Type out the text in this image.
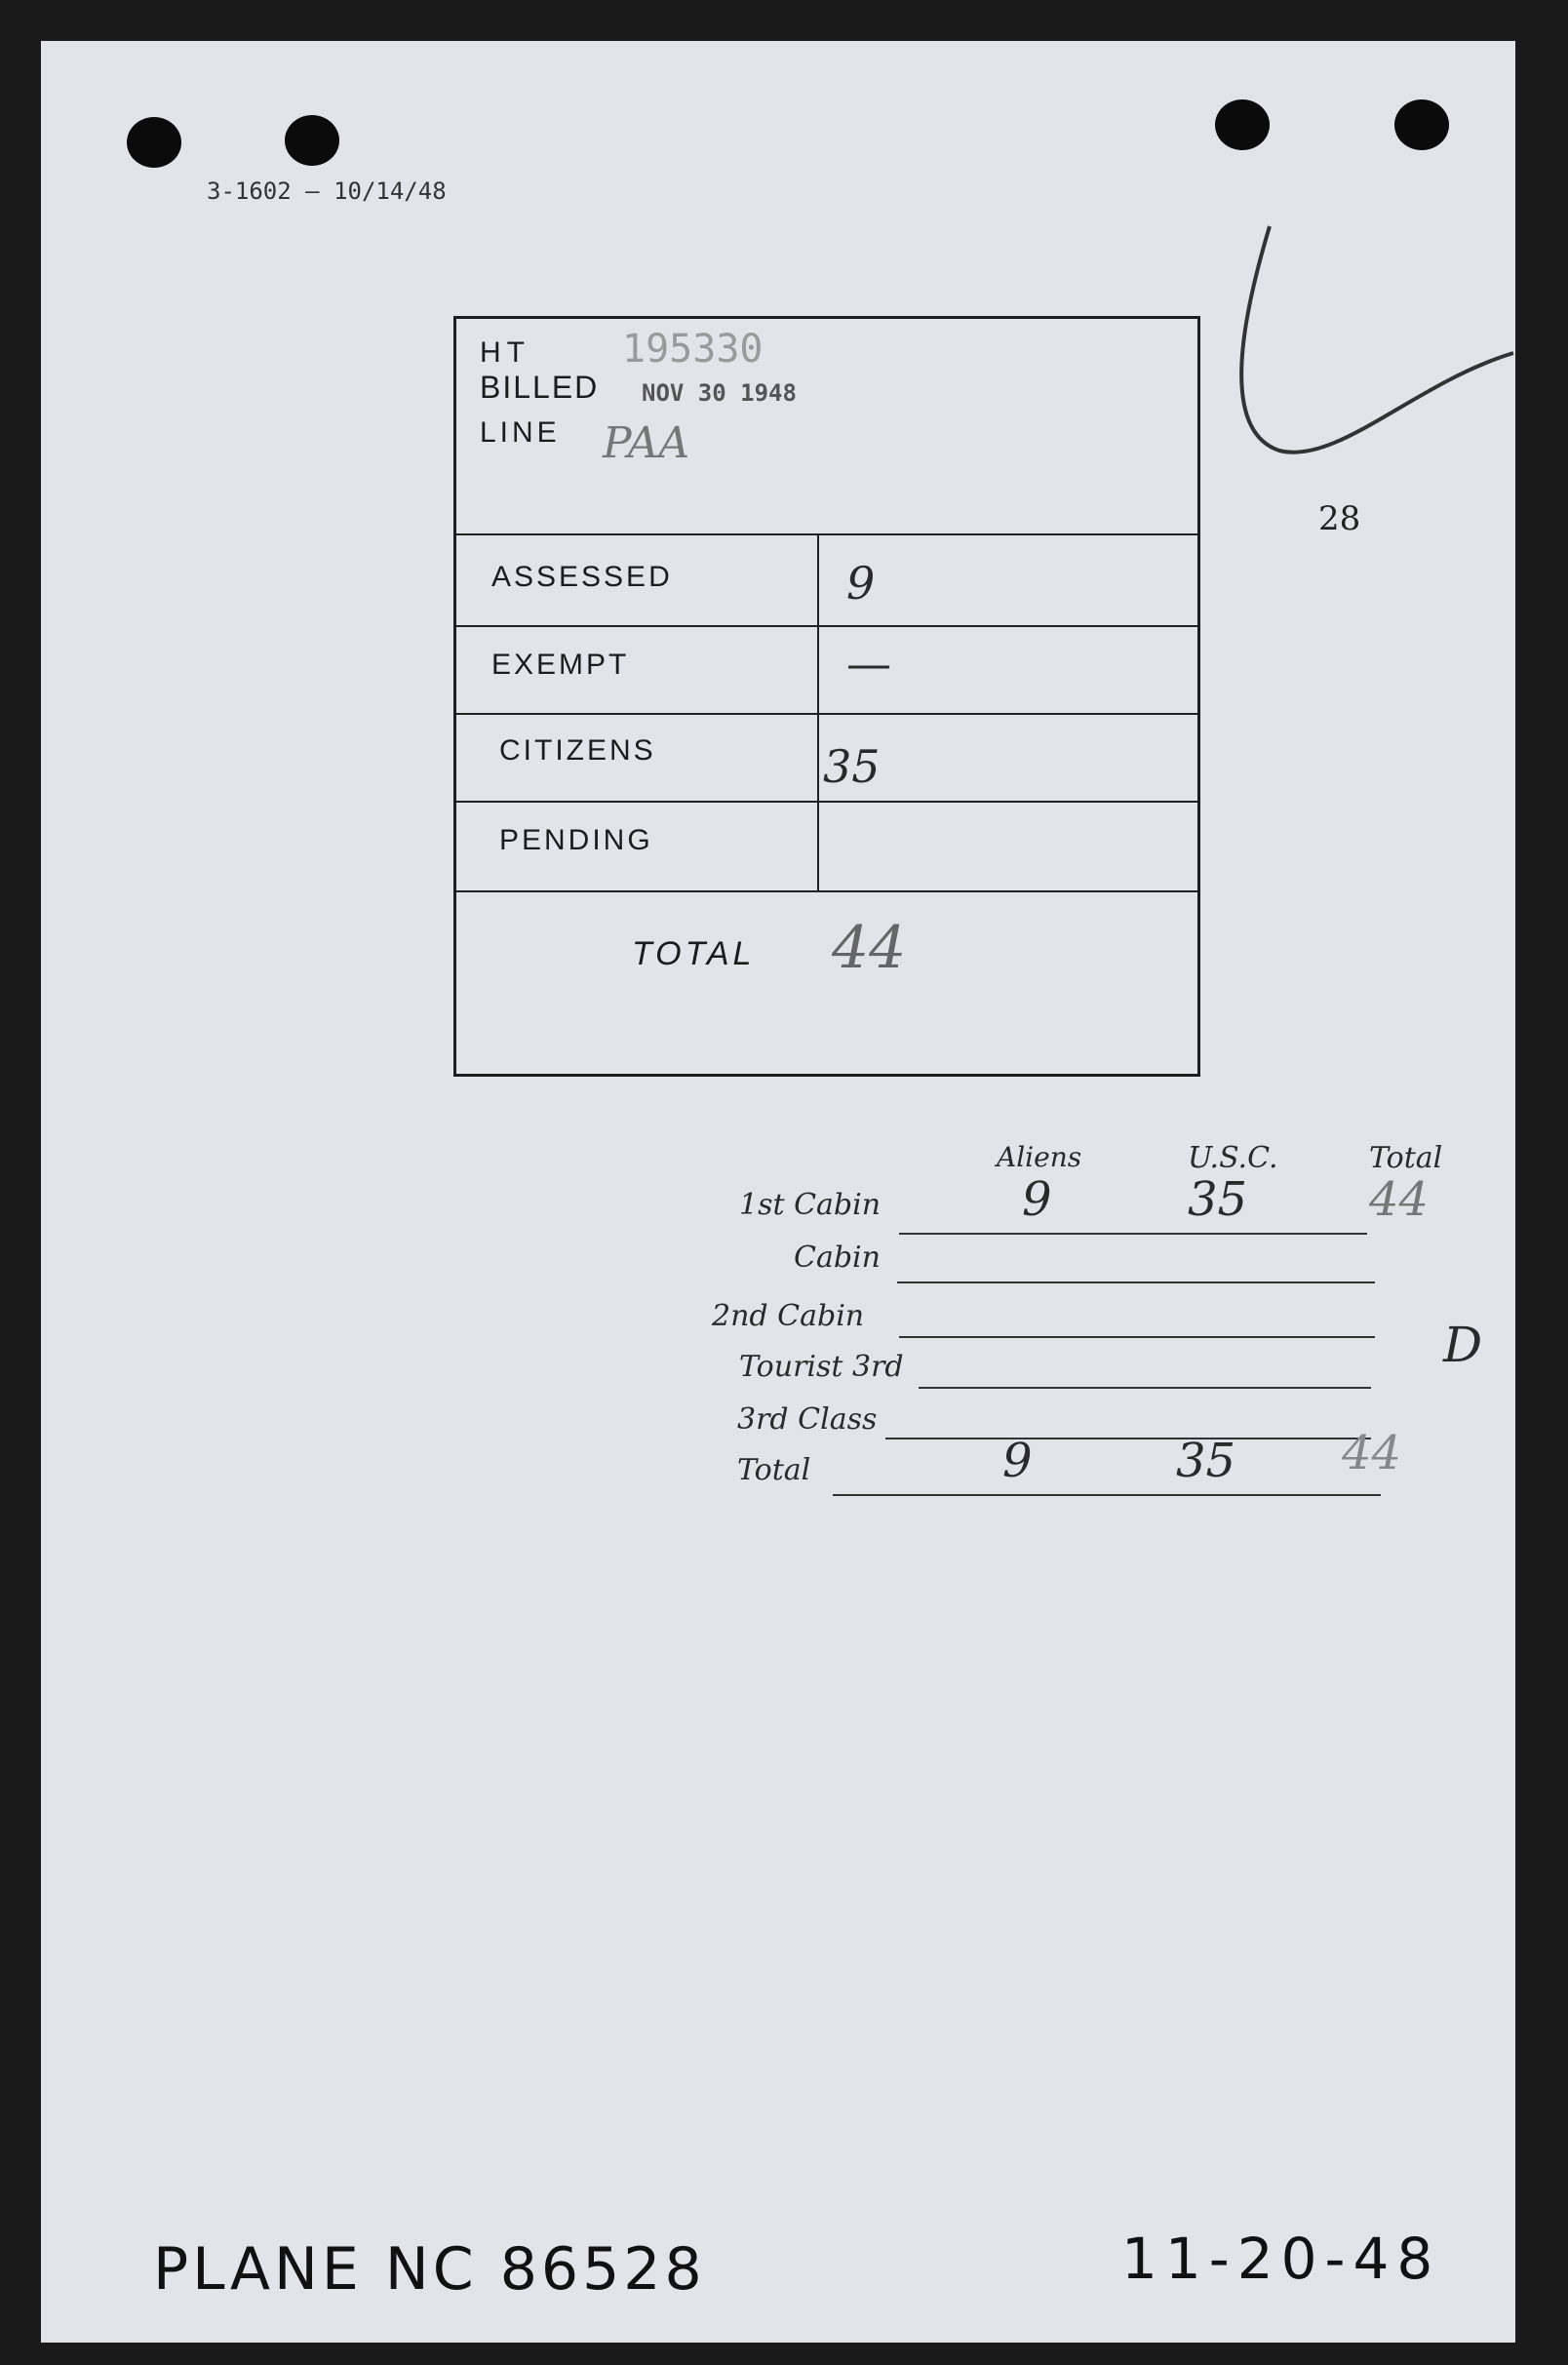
3-1602 — 10/14/48
28
HT 195330
BILLED NOV 30 1948
LINE PAA
ASSESSED	9
EXEMPT	—
CITIZENS	35
PENDING
TOTAL 44
Aliens	U.S.C.	Total
1st Cabin	9	35	44
Cabin
2nd Cabin
D
Tourist 3rd
3rd Class
Total	9	35 44
PLANE NC 86528	11-20-48
